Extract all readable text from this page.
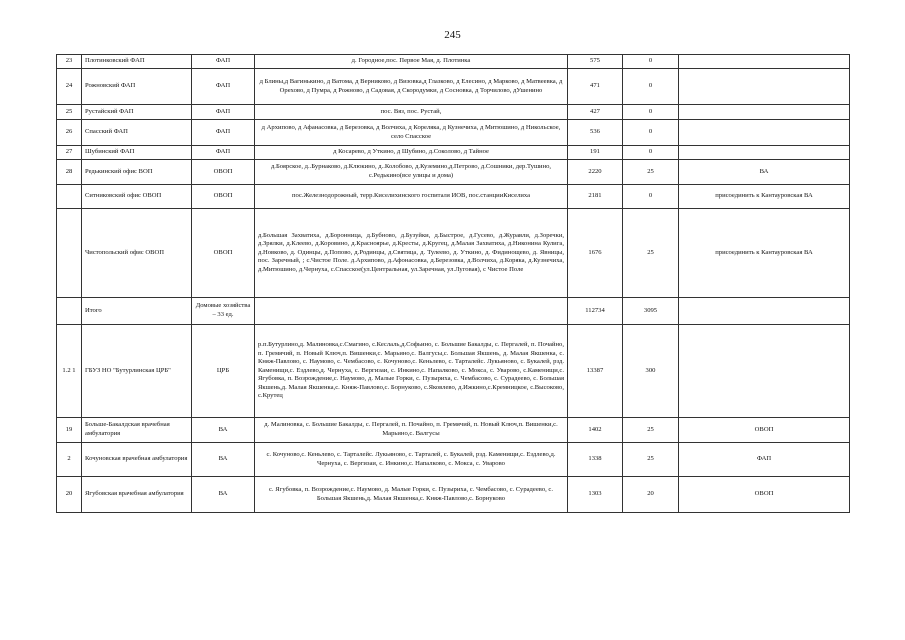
245
23	Плотинковский ФАП	ФАП	д. Городное,пос. Первое Мая, д. Плотинка	575	0	
24	Рожновский ФАП	ФАП	д Блины,д Вагинькино, д Ватома, д Верниково, д Визовка,д Глазково, д Елесино, д Марково, д Матвеевка, д Орехово, д Пумра, д Рожново, д Садовая, д Скородумки, д Сосновка, д Торчилово, дУшенино	471	0	
25	Рустайский ФАП	ФАП	пос. Вяз, пос. Рустай,	427	0	
26	Спасский ФАП	ФАП	д Архипово, д Афанасовка, д Березовка, д Волчиха, д Кореляка, д Кузнечиха, д Митюшино, д Никольское, село Спасское	536	0	
27	Шубинский ФАП	ФАП	д Косарево, д Уткино, д Шубино, д.Соколово, д Тайное	191	0	
28	Редькинский офис ВОП	ОВОП	д.Боярское, д..Бурнаково, д.Клюкино, д..Колобово, д.Куземино,д.Петрово, д.Сошники, дер.Тушино, с.Редькино(все улицы и дома)	2220	25	ВА
	Ситниковский офис ОВОП	ОВОП	пос.Железнодорожный, терр.Киселихинского госпиталя ИОВ, пос.станцииКиселиха	2181	0	присоединить к Кантауровская ВА
	Чистопольский офис ОВОП	ОВОП	д.Большая Захватиха, д.Боронница, д.Бубново, д.Бузуйки, д.Быстрое, д.Гусево, д.Журавли, д.Зоречки, д.Зрялки, д.Клеево, д.Коровино, д.Красноярье, д.Кресты, д.Кругец, д.Малая Захватиха, д.Никонина Кулига, д.Новково, д. Одинцы, д.Попово, д.Родинцы, д.Святица, д. Тулеево, д. Уткино, д. Фидинощево, д. Явницы, пос. Заречный, ; с.Чистое Поле. д.Архипово, д.Афонасовка, д.Березовка, д.Волчиха, д.Коряка, д.Кузнечиха, д.Митюшино, д.Чернуха, с.Спасское(ул.Центральная, ул.Заречная, ул.Луговая), с Чистое Поле	1676	25	присоединить к Кантауровская ВА
	Итого	Домовые хозяйства – 33 ед.		112734	3095	
1.2 1	ГБУЗ НО "Бутурлинская ЦРБ"	ЦРБ	р.п.Бутурлино,д. Малиновка,с.Смагино, с.Кеслаль,д.Софьино, с. Большие Бакалды, с. Пергалей, п. Почайно, п. Гремячий, п. Новый Ключ,п. Вишенки,с. Марьино,с. Валгусы,с. Большая Якшень, д. Малая Якшенка, с. Княж-Павлово, с. Наумово, с. Чембасово, с. Кочуново,с. Кеньлево, с. Тарталейс. Лукьяново, с. Букалей, рзд. Каменищи,с. Ездлево,д. Чернуха, с. Вергизаи, с. Инкино,с. Напалково, с. Мокса, с. Уварово, с.Каменищи,с. Ягубовка, п. Возрождение,с. Наумово, д. Малые Горки, с. Пузыриха, с. Чембасово, с. Сурадеево, с. Большая Якшень,д. Малая Якшенка,с. Княж-Павлово,с. Борнуково, с.Яковлево, д.Ижкино,с.Кремницкое, с.Высоково, с.Крутец	13387	300	
19	Больше-Бакалдская врачебная амбулатория	ВА	д. Малиновка, с. Большие Бакалды, с. Пергалей, п. Почайно, п. Гремячий, п. Новый Ключ,п. Вишенки,с. Марьино,с. Валгусы	1402	25	ОВОП
2	Кочуновская врачебная амбулатория	ВА	с. Кочуново,с. Кеньлево, с. Тарталейс. Лукьяново, с. Тарталей, с. Букалей, рзд. Каменищи,с. Ездлево,д. Чернуха, с. Вергизаи, с. Инкино,с. Напалково, с. Мокса, с. Уварово	1338	25	ФАП
20	Ягубовская врачебная амбулатория	ВА	с. Ягубовка, п. Возрождение,с. Наумово, д. Малые Горки, с. Пузыриха, с. Чембасово, с. Сурадеево, с. Большая Якшень,д. Малая Якшенка,с. Княж-Павлово,с. Борнуково	1303	20	ОВОП
